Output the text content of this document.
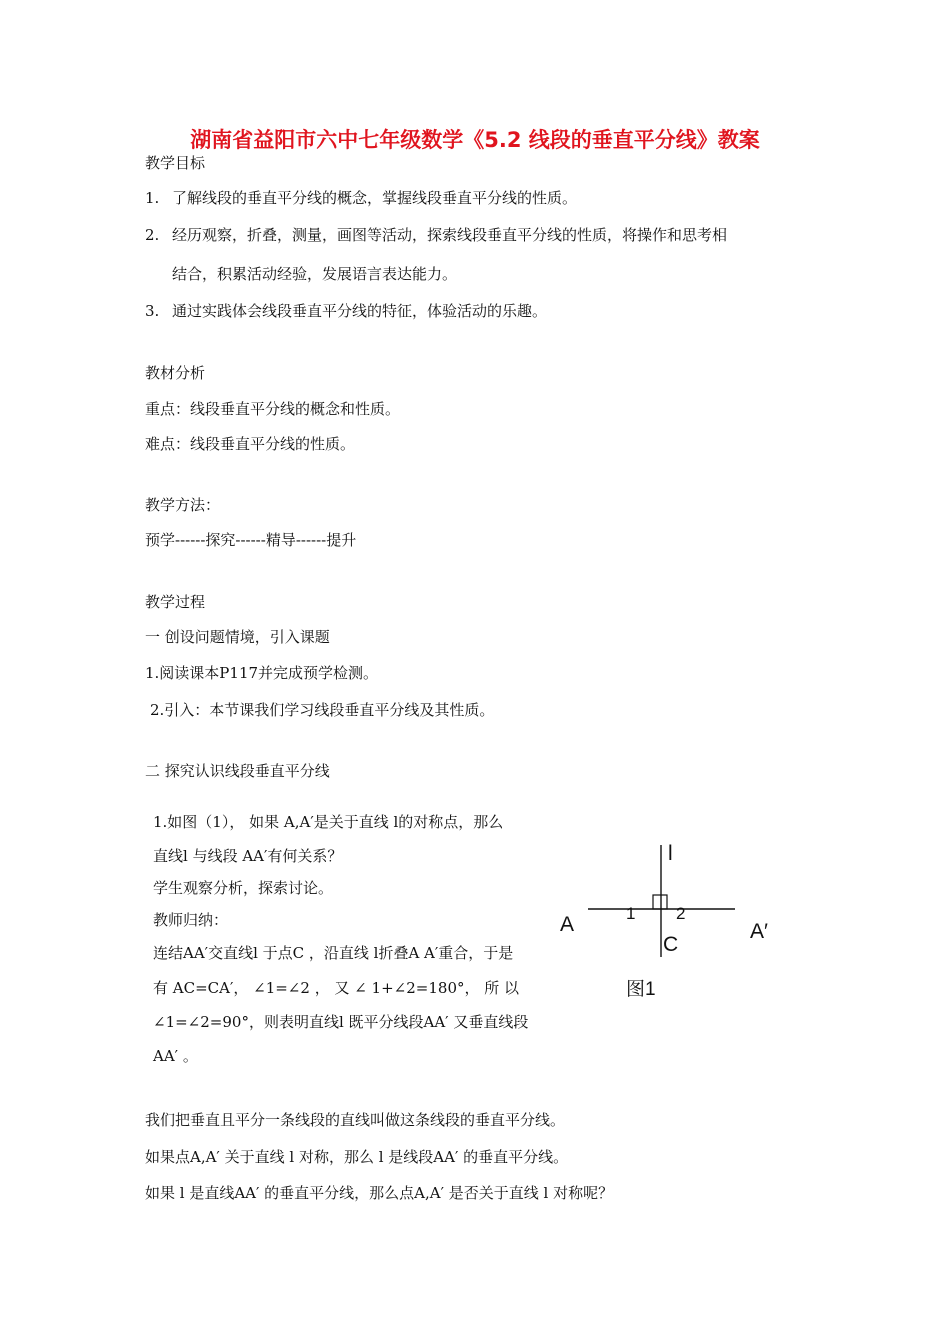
湖南省益阳市六中七年级数学《5.2 线段的垂直平分线》教案
教学目标
1. 了解线段的垂直平分线的概念，掌握线段垂直平分线的性质。
2. 经历观察，折叠，测量，画图等活动，探索线段垂直平分线的性质，将操作和思考相
结合，积累活动经验，发展语言表达能力。
3. 通过实践体会线段垂直平分线的特征，体验活动的乐趣。
教材分析
重点：线段垂直平分线的概念和性质。
难点：线段垂直平分线的性质。
教学方法：
预学------探究------精导------提升
教学过程
一 创设问题情境，引入课题
1.阅读课本P117并完成预学检测。
2.引入：本节课我们学习线段垂直平分线及其性质。
二 探究认识线段垂直平分线
1.如图（1）， 如果 A,A′是关于直线 l的对称点，那么
直线l 与线段 AA′有何关系？
学生观察分析，探索讨论。
教师归纳：
连结AA′交直线l 于点C ，沿直线 l折叠A A′重合，于是
有 AC=CA′， ∠1=∠2 ， 又 ∠ 1+∠2=180°， 所 以
∠1=∠2=90°，则表明直线l 既平分线段AA′ 又垂直线段
AA′ 。
l
A	A′
C
1 2
图1
我们把垂直且平分一条线段的直线叫做这条线段的垂直平分线。
如果点A,A′ 关于直线 l 对称，那么 l 是线段AA′ 的垂直平分线。
如果 l 是直线AA′ 的垂直平分线，那么点A,A′ 是否关于直线 l 对称呢？
